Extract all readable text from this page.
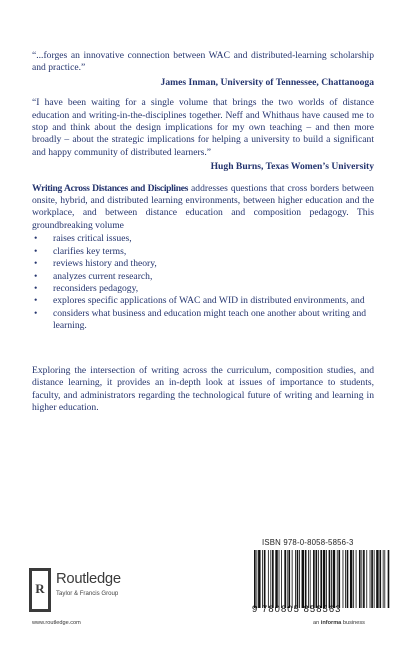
“...forges an innovative connection between WAC and distributed-learning scholarship and practice.”

James Inman, University of Tennessee, Chattanooga

“I have been waiting for a single volume that brings the two worlds of distance education and writing-in-the-disciplines together. Neff and Whithaus have caused me to stop and think about the design implications for my own teaching – and then more broadly – about the strategic implications for helping a university to build a significant and happy community of distributed learners.”

Hugh Burns, Texas Women’s University

Writing Across Distances and Disciplines addresses questions that cross borders between onsite, hybrid, and distributed learning environments, between higher education and the workplace, and between distance education and composition pedagogy. This groundbreaking volume

• raises critical issues,
• clarifies key terms,
• reviews history and theory,
• analyzes current research,
• reconsiders pedagogy,
• explores specific applications of WAC and WID in distributed environments, and
• considers what business and education might teach one another about writing and learning.

Exploring the intersection of writing across the curriculum, composition studies, and distance learning, it provides an in-depth look at issues of importance to students, faculty, and administrators regarding the technological future of writing and learning in higher education.

ISBN 978-0-8058-5856-3
9 780805 858563
R
Routledge
Taylor & Francis Group
www.routledge.com	an informa business
